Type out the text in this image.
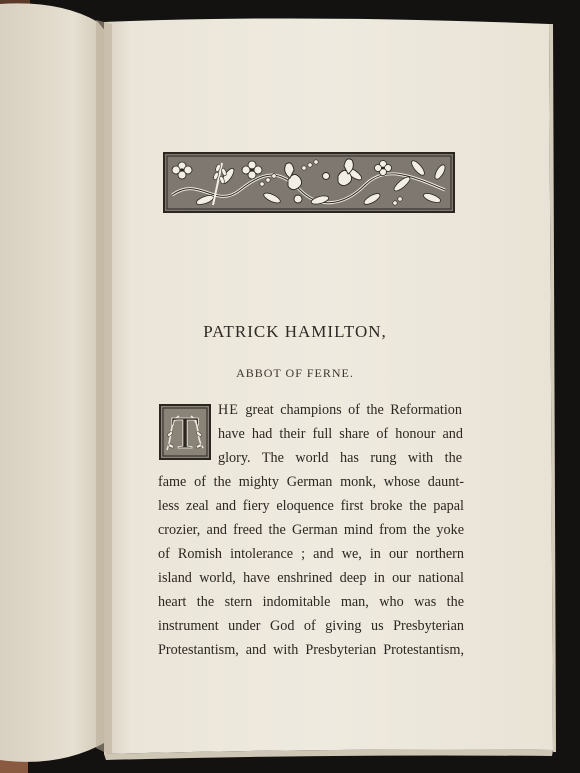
PATRICK HAMILTON,
ABBOT OF FERNE.
T HE great champions of the Reformation
have had their full share of honour and
glory. The world has rung with the
fame of the mighty German monk, whose daunt-
less zeal and fiery eloquence first broke the papal
crozier, and freed the German mind from the yoke
of Romish intolerance ; and we, in our northern
island world, have enshrined deep in our national
heart the stern indomitable man, who was the
instrument under God of giving us Presbyterian
Protestantism, and with Presbyterian Protestantism,
